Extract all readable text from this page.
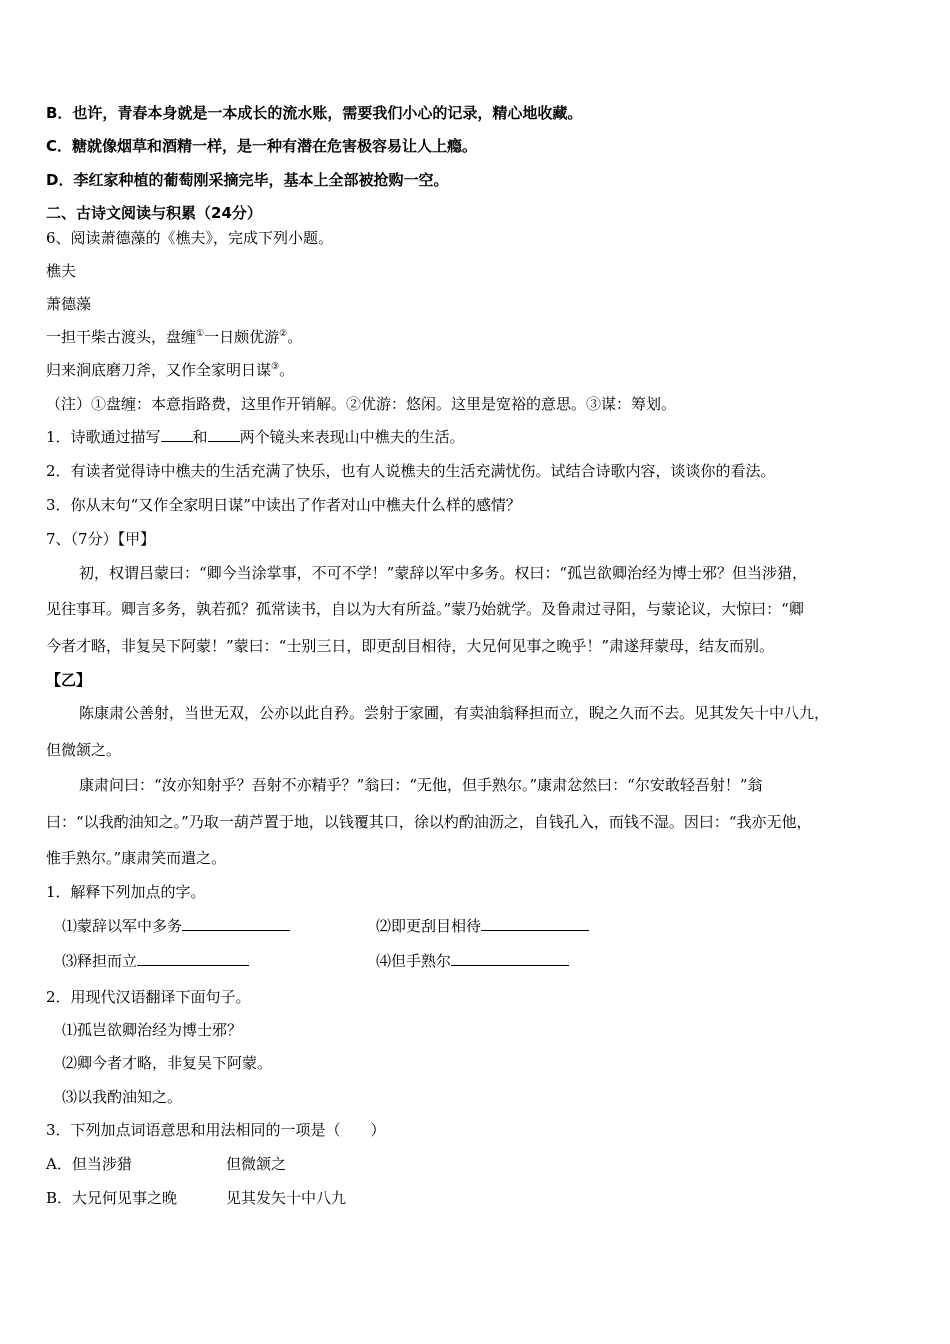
B．也许，青春本身就是一本成长的流水账，需要我们小心的记录，精心地收藏。
C．糖就像烟草和酒精一样，是一种有潜在危害极容易让人上瘾。
D．李红家种植的葡萄刚采摘完毕，基本上全部被抢购一空。
二、古诗文阅读与积累（24分）
6、阅读萧德藻的《樵夫》，完成下列小题。
樵夫
萧德藻
一担干柴古渡头，盘缠①一日颇优游②。
归来涧底磨刀斧，又作全家明日谋③。
（注）①盘缠：本意指路费，这里作开销解。②优游：悠闲。这里是宽裕的意思。③谋：筹划。
1．诗歌通过描写 和 两个镜头来表现山中樵夫的生活。
2．有读者觉得诗中樵夫的生活充满了快乐，也有人说樵夫的生活充满忧伤。试结合诗歌内容，谈谈你的看法。
3．你从末句“又作全家明日谋”中读出了作者对山中樵夫什么样的感情？
7、（7分）【甲】
初，权谓吕蒙曰：“卿今当涂掌事，不可不学！”蒙辞以军中多务。权曰：“孤岂欲卿治经为博士邪？但当涉猎，
见往事耳。卿言多务，孰若孤？孤常读书，自以为大有所益。”蒙乃始就学。及鲁肃过寻阳，与蒙论议，大惊曰：“卿
今者才略，非复吴下阿蒙！”蒙曰：“士别三日，即更刮目相待，大兄何见事之晚乎！”肃遂拜蒙母，结友而别。
【乙】
陈康肃公善射，当世无双，公亦以此自矜。尝射于家圃，有卖油翁释担而立，睨之久而不去。见其发矢十中八九，
但微颔之。
康肃问曰：“汝亦知射乎？吾射不亦精乎？”翁曰：“无他，但手熟尔。”康肃忿然曰：“尔安敢轻吾射！”翁
曰：“以我酌油知之。”乃取一葫芦置于地，以钱覆其口，徐以杓酌油沥之，自钱孔入，而钱不湿。因曰：“我亦无他，
惟手熟尔。”康肃笑而遣之。
1．解释下列加点的字。
⑴蒙辞以军中多务	⑵即更刮目相待
⑶释担而立	⑷但手熟尔
2．用现代汉语翻译下面句子。
⑴孤岂欲卿治经为博士邪？
⑵卿今者才略，非复吴下阿蒙。
⑶以我酌油知之。
3．下列加点词语意思和用法相同的一项是（　　）
A．但当涉猎	但微颔之
B．大兄何见事之晚	见其发矢十中八九
